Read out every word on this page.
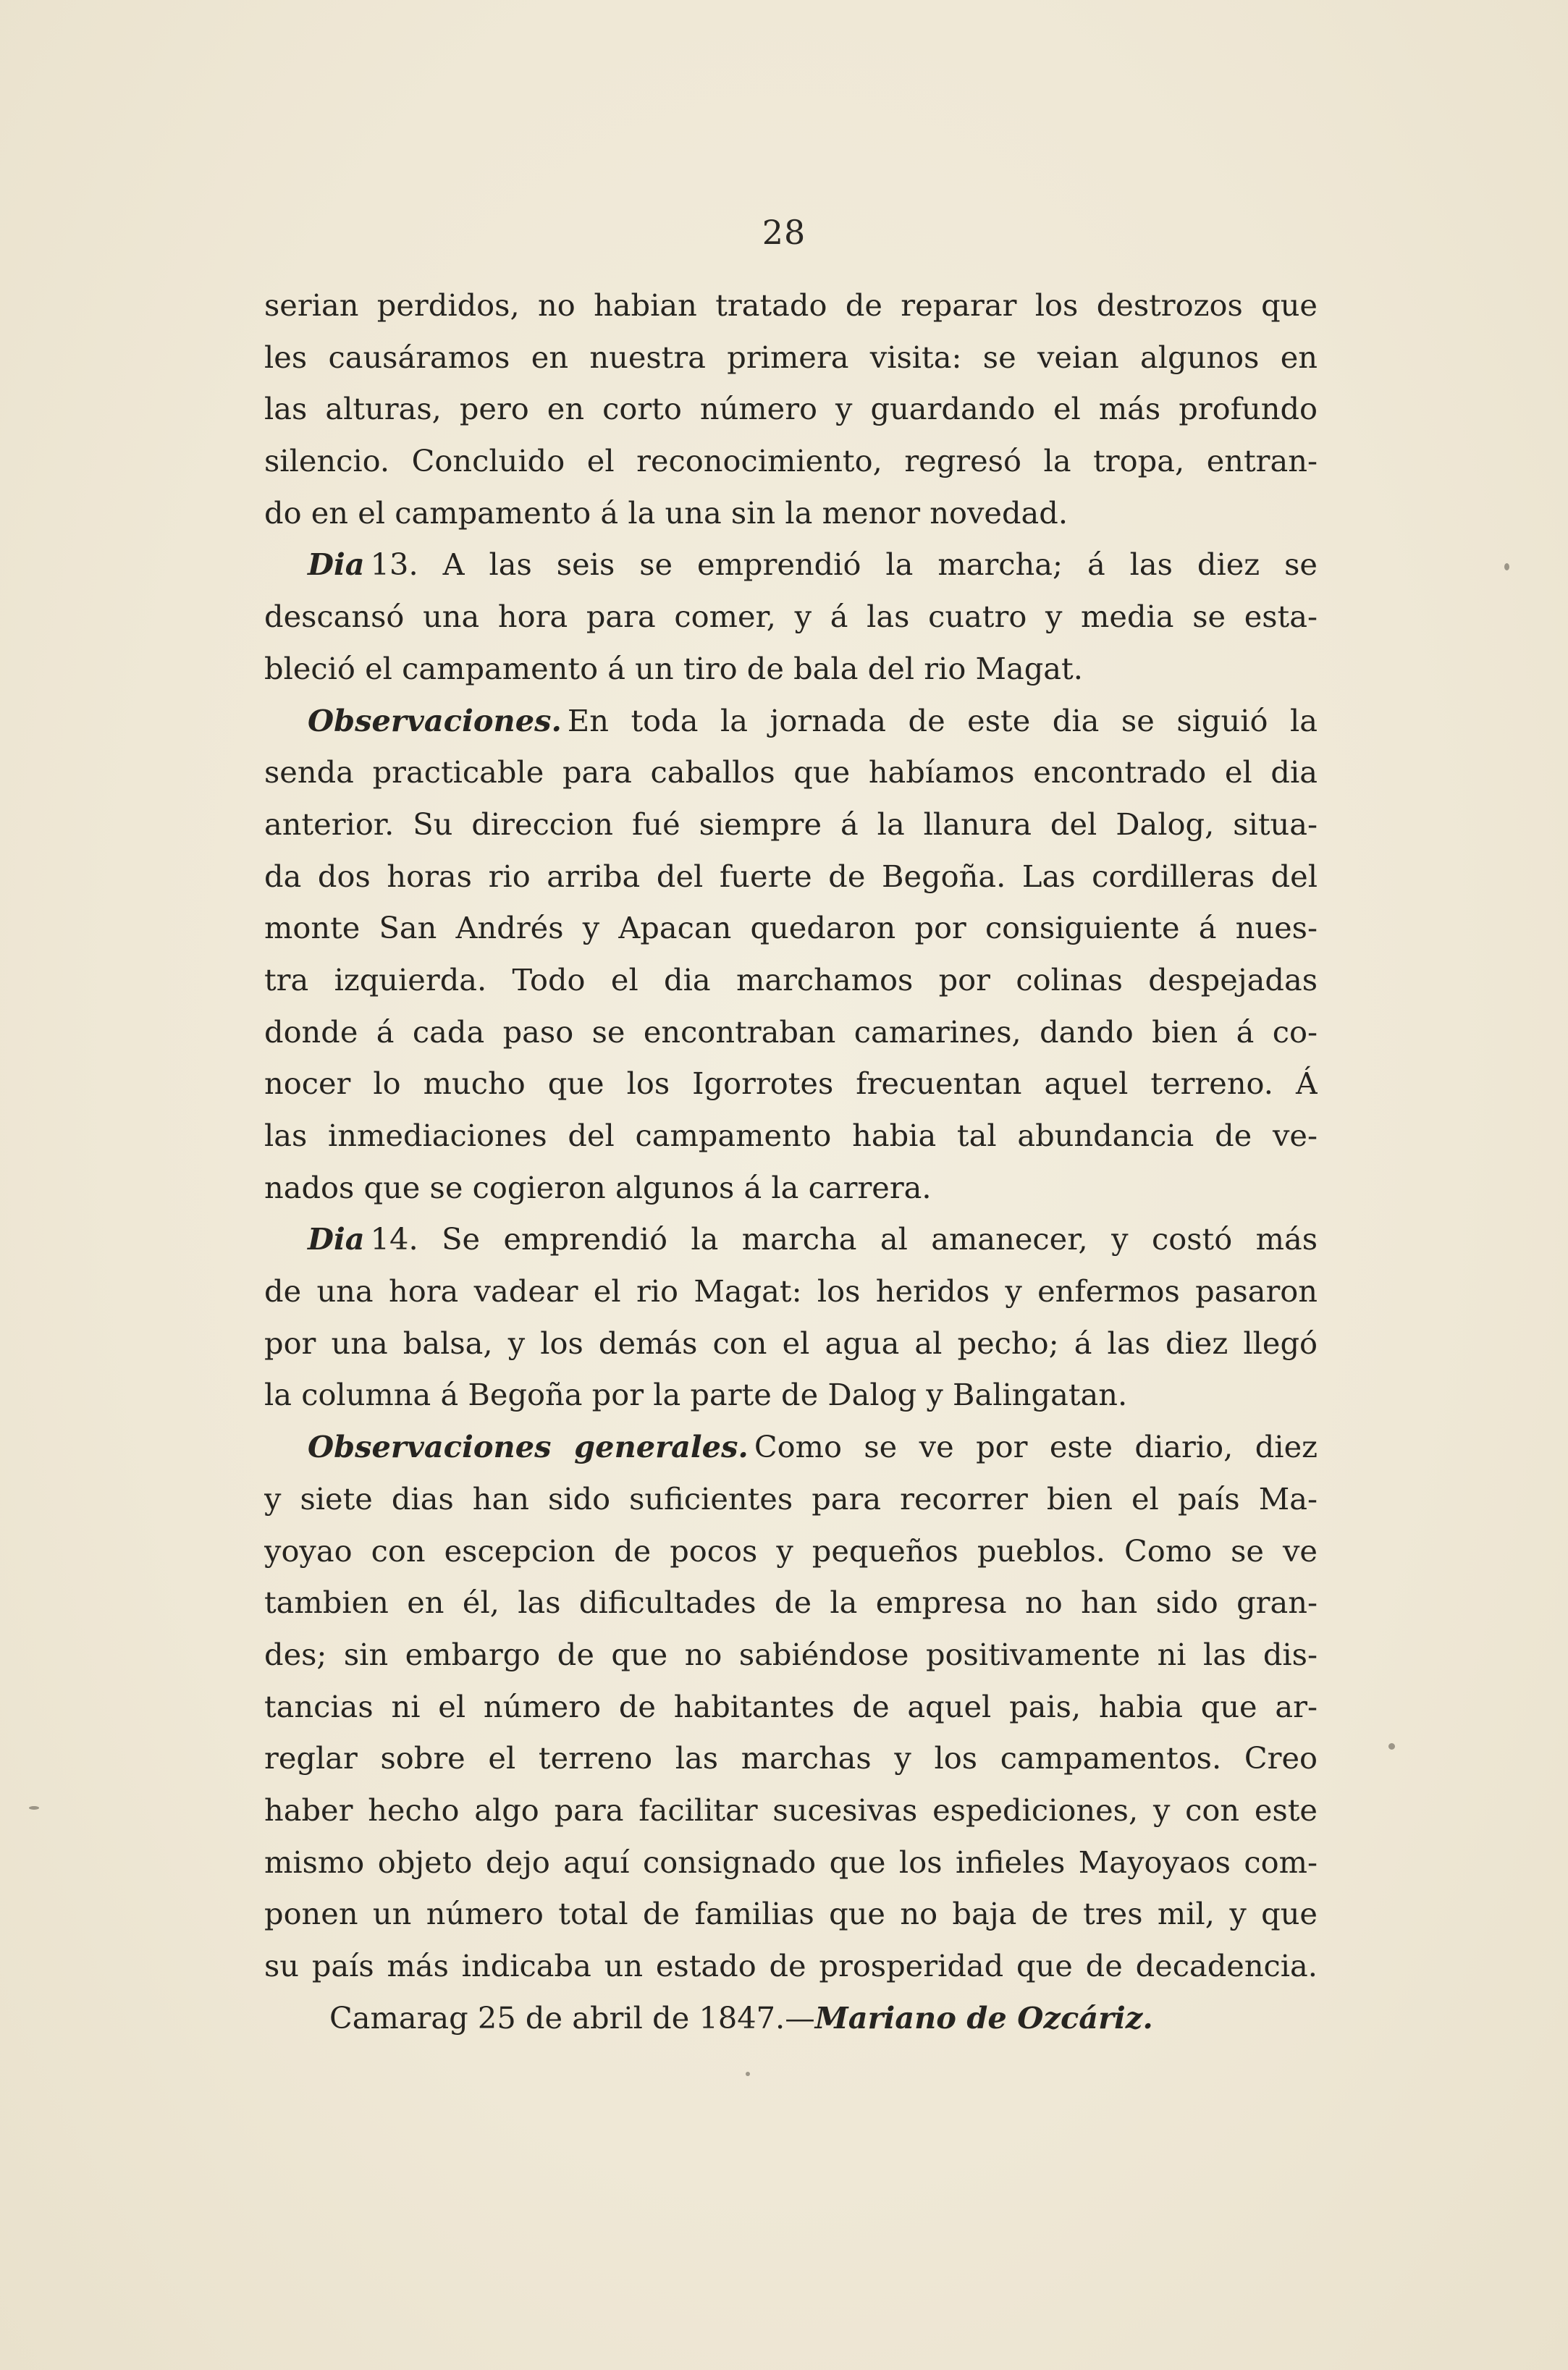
28
serian perdidos, no habian tratado de reparar los destrozos que
les causáramos en nuestra primera visita: se veian algunos en
las alturas, pero en corto número y guardando el más profundo
silencio. Concluido el reconocimiento, regresó la tropa, entran-
do en el campamento á la una sin la menor novedad.
Dia 13. A las seis se emprendió la marcha; á las diez se
descansó una hora para comer, y á las cuatro y media se esta-
bleció el campamento á un tiro de bala del rio Magat.
Observaciones. En toda la jornada de este dia se siguió la
senda practicable para caballos que habíamos encontrado el dia
anterior. Su direccion fué siempre á la llanura del Dalog, situa-
da dos horas rio arriba del fuerte de Begoña. Las cordilleras del
monte San Andrés y Apacan quedaron por consiguiente á nues-
tra izquierda. Todo el dia marchamos por colinas despejadas
donde á cada paso se encontraban camarines, dando bien á co-
nocer lo mucho que los Igorrotes frecuentan aquel terreno. Á
las inmediaciones del campamento habia tal abundancia de ve-
nados que se cogieron algunos á la carrera.
Dia 14. Se emprendió la marcha al amanecer, y costó más
de una hora vadear el rio Magat: los heridos y enfermos pasaron
por una balsa, y los demás con el agua al pecho; á las diez llegó
la columna á Begoña por la parte de Dalog y Balingatan.
Observaciones generales. Como se ve por este diario, diez
y siete dias han sido suficientes para recorrer bien el país Ma-
yoyao con escepcion de pocos y pequeños pueblos. Como se ve
tambien en él, las dificultades de la empresa no han sido gran-
des; sin embargo de que no sabiéndose positivamente ni las dis-
tancias ni el número de habitantes de aquel pais, habia que ar-
reglar sobre el terreno las marchas y los campamentos. Creo
haber hecho algo para facilitar sucesivas espediciones, y con este
mismo objeto dejo aquí consignado que los infieles Mayoyaos com-
ponen un número total de familias que no baja de tres mil, y que
su país más indicaba un estado de prosperidad que de decadencia.
Camarag 25 de abril de 1847.—Mariano de Ozcáriz.
